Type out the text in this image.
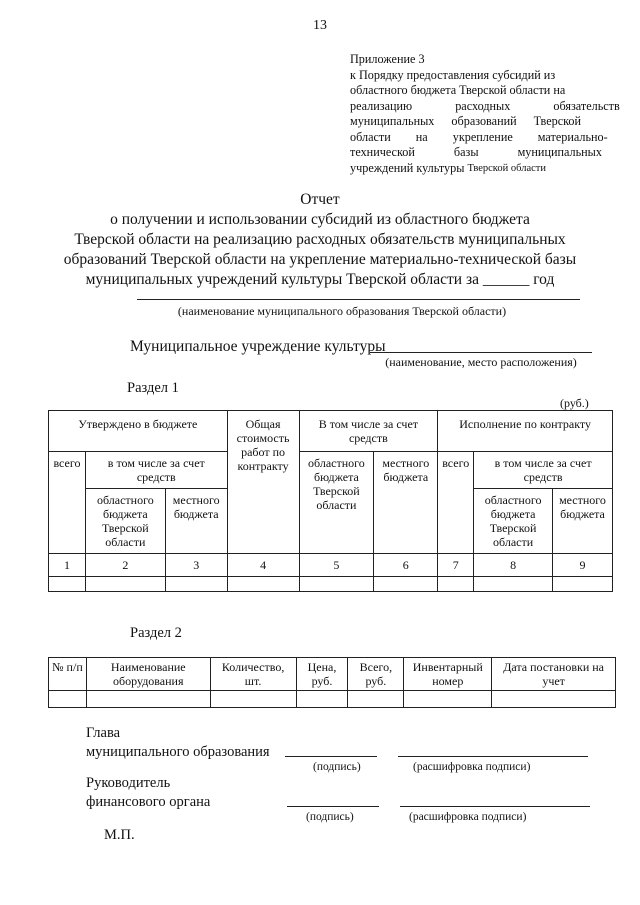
13
Приложение 3
к Порядку предоставления субсидий из
областного бюджета Тверской области на
реализацию расходных обязательств
муниципальных образований Тверской
области на укрепление материально-
технической базы муниципальных
учреждений культуры
Тверской области
Отчет
о получении и использовании субсидий из областного бюджета
Тверской области на реализацию расходных обязательств муниципальных
образований Тверской области на укрепление материально-технической базы
муниципальных учреждений культуры Тверской области за ______ год
(наименование муниципального образования Тверской области)
Муниципальное учреждение культуры
(наименование, место расположения)
Раздел 1
(руб.)
Утверждено в бюджете			Общая стоимость работ по контракту	В том числе за счет средств		Исполнение по контракту		
всего	в том числе за счет средств			областного бюджета Тверской области	местного бюджета	всего	в том числе за счет средств	
	областного бюджета Тверской области	местного бюджета					областного бюджета Тверской области	местного бюджета
1	2	3	4	5	6	7	8	9

Раздел 2
№ п/п	Наименование оборудования	Количество, шт.	Цена, руб.	Всего, руб.	Инвентарный номер	Дата постановки на учет

Глава
муниципального образования
(подпись)	(расшифровка подписи)
Руководитель
финансового органа
(подпись)	(расшифровка подписи)
М.П.
